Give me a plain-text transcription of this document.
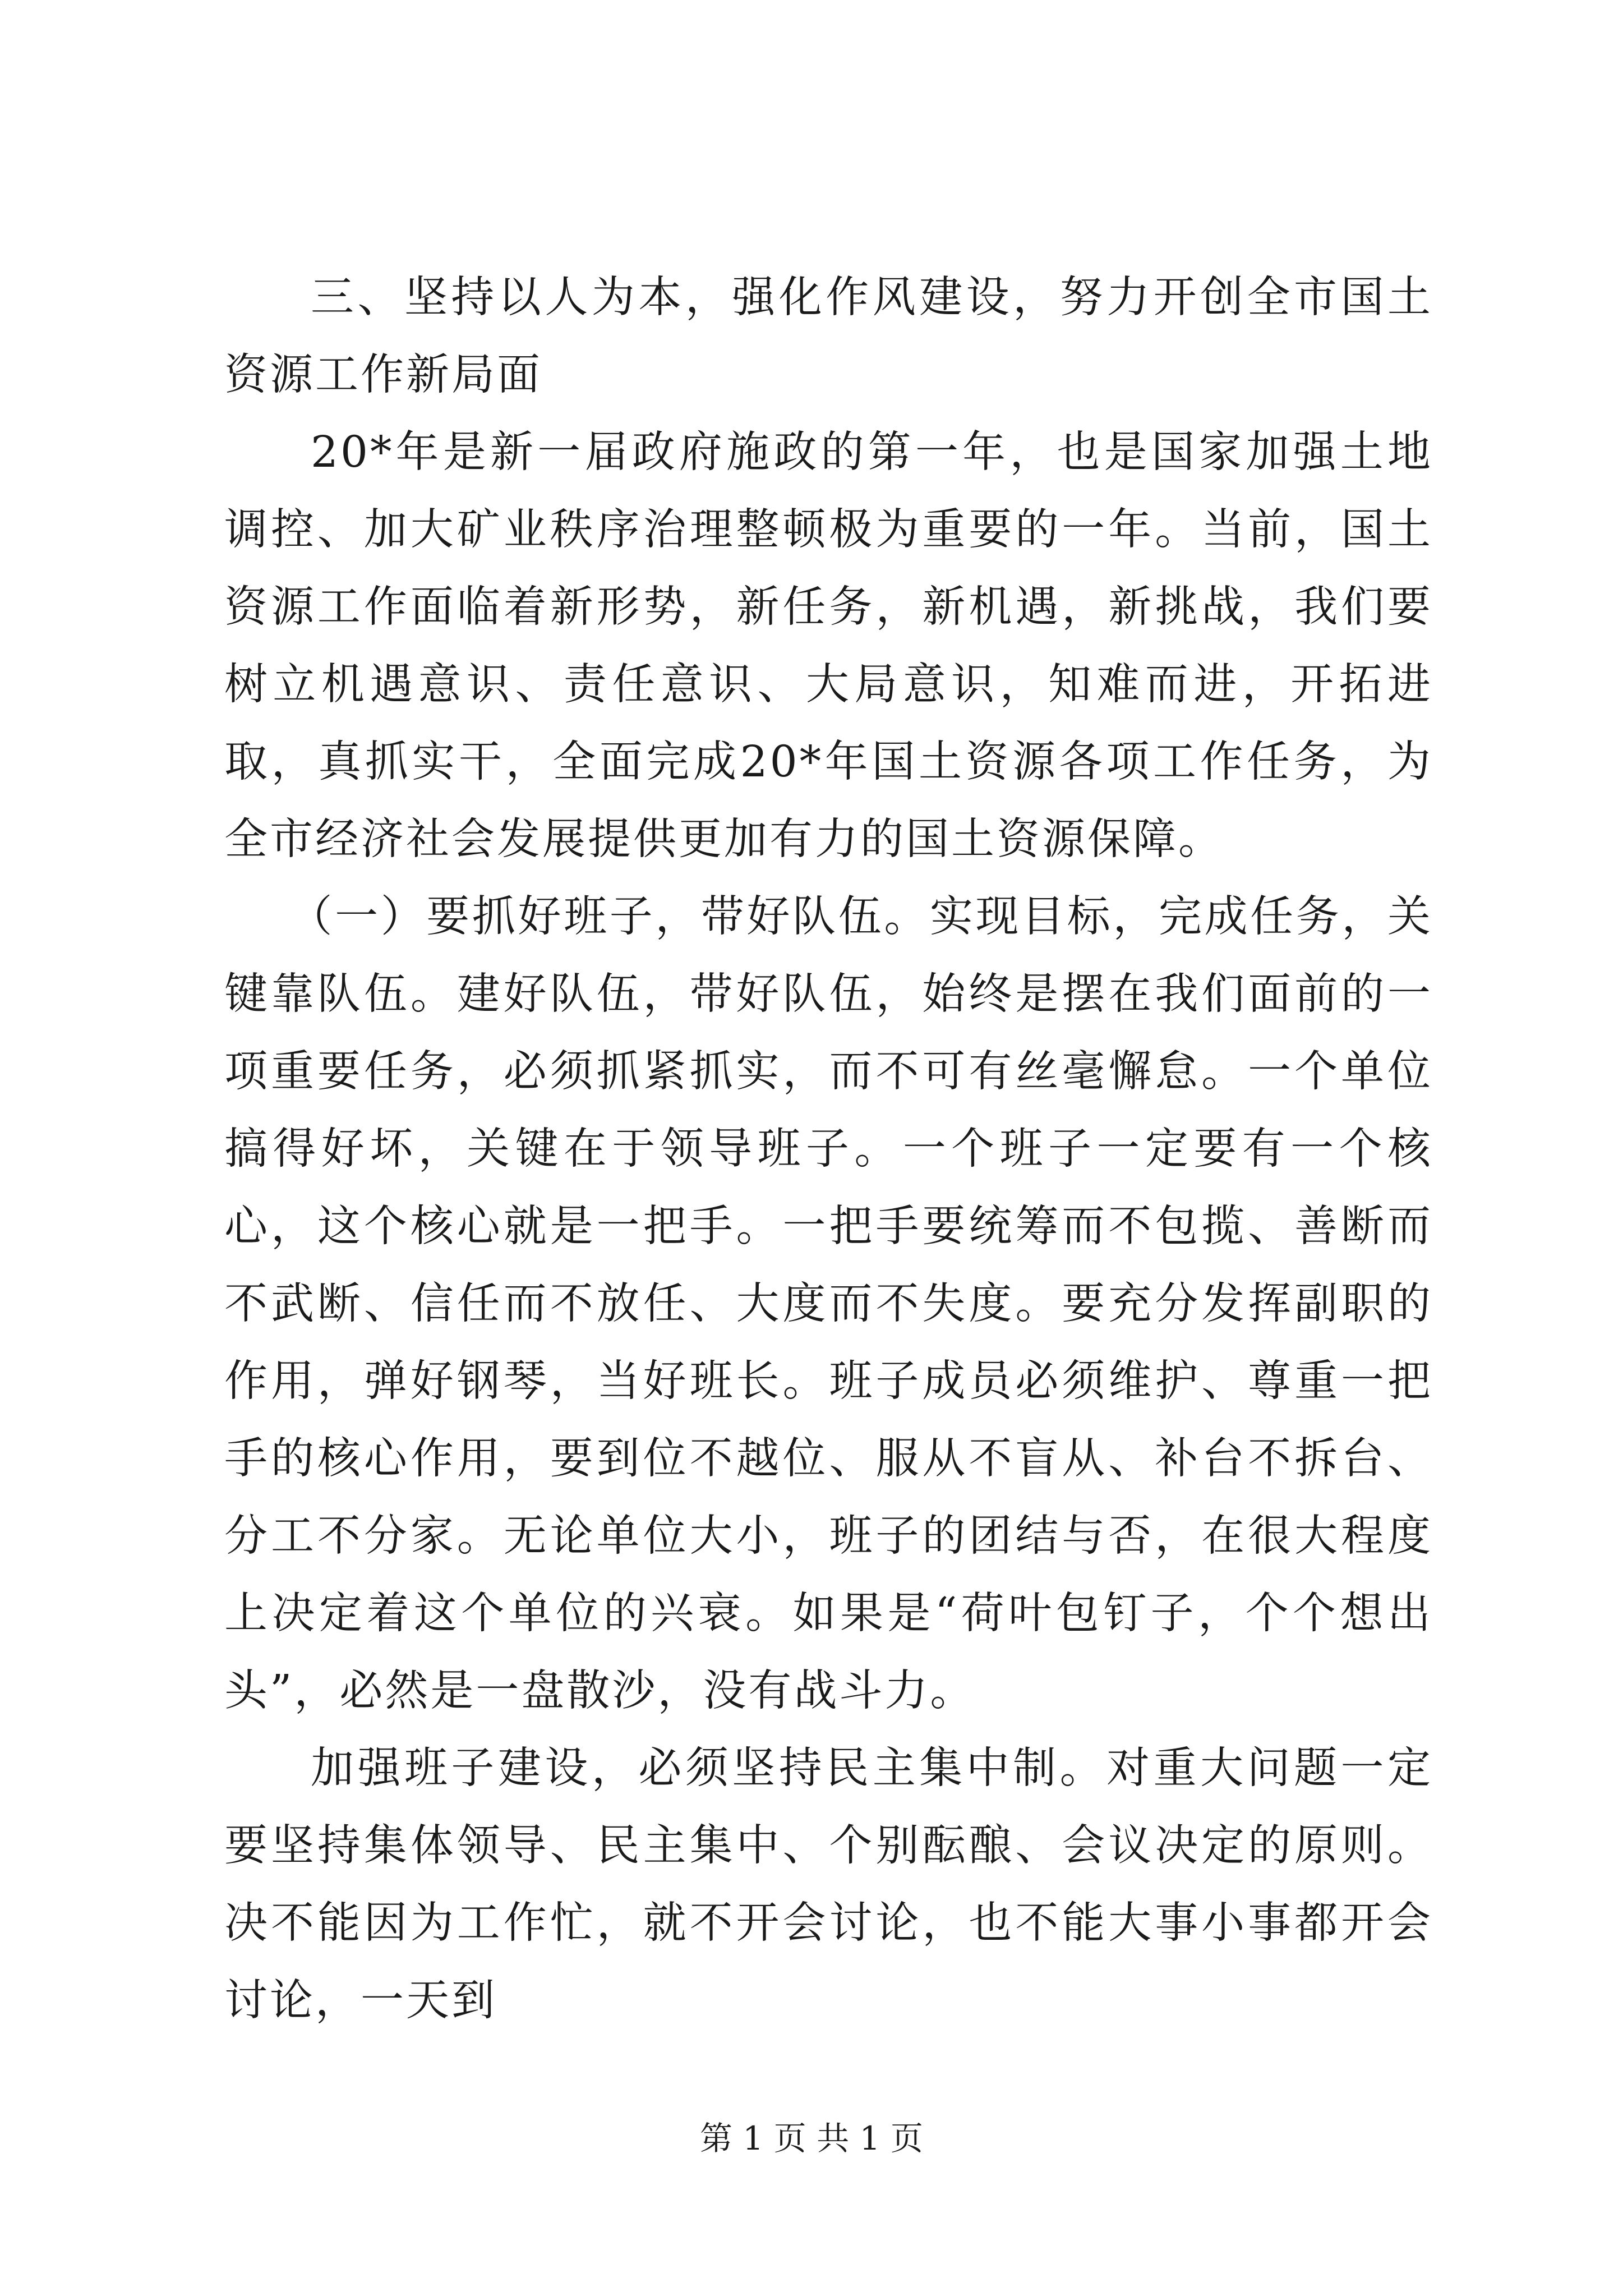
三、坚持以人为本，强化作风建设，努力开创全市国土资源工作新局面

20*年是新一届政府施政的第一年，也是国家加强土地调控、加大矿业秩序治理整顿极为重要的一年。当前，国土资源工作面临着新形势，新任务，新机遇，新挑战，我们要树立机遇意识、责任意识、大局意识，知难而进，开拓进取，真抓实干，全面完成20*年国土资源各项工作任务，为全市经济社会发展提供更加有力的国土资源保障。

（一）要抓好班子，带好队伍。实现目标，完成任务，关键靠队伍。建好队伍，带好队伍，始终是摆在我们面前的一项重要任务，必须抓紧抓实，而不可有丝毫懈怠。一个单位搞得好坏，关键在于领导班子。一个班子一定要有一个核心，这个核心就是一把手。一把手要统筹而不包揽、善断而不武断、信任而不放任、大度而不失度。要充分发挥副职的作用，弹好钢琴，当好班长。班子成员必须维护、尊重一把手的核心作用，要到位不越位、服从不盲从、补台不拆台、分工不分家。无论单位大小，班子的团结与否，在很大程度上决定着这个单位的兴衰。如果是“荷叶包钉子，个个想出头”，必然是一盘散沙，没有战斗力。

加强班子建设，必须坚持民主集中制。对重大问题一定要坚持集体领导、民主集中、个别酝酿、会议决定的原则。决不能因为工作忙，就不开会讨论，也不能大事小事都开会讨论，一天到

第 1 页 共 1 页
